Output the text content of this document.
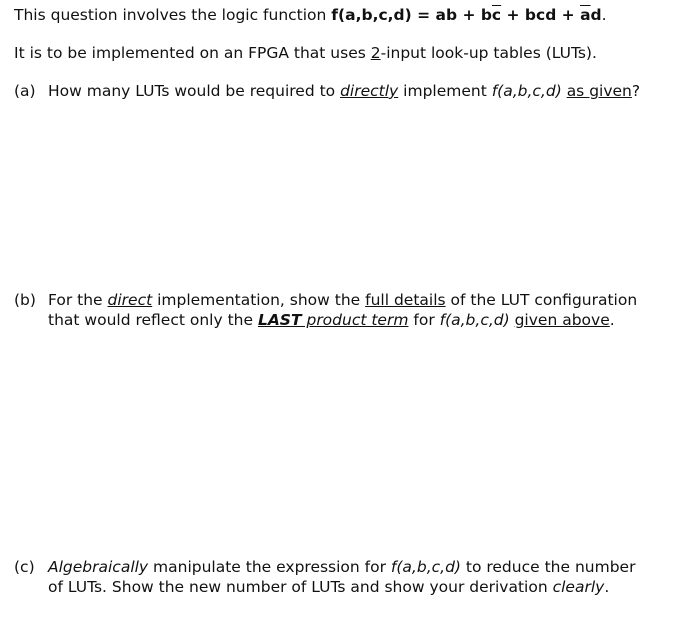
This question involves the logic function f(a,b,c,d) = ab + $b\overline{c}$ + bcd + $\overline{a}d$.
It is to be implemented on an FPGA that uses 2-input look-up tables (LUTs).
(a) How many LUTs would be required to directly implement f(a,b,c,d) as given?
(b) For the direct implementation, show the full details of the LUT configuration
that would reflect only the LAST product term for f(a,b,c,d) given above.
(c) Algebraically manipulate the expression for f(a,b,c,d) to reduce the number
of LUTs. Show the new number of LUTs and show your derivation clearly.
